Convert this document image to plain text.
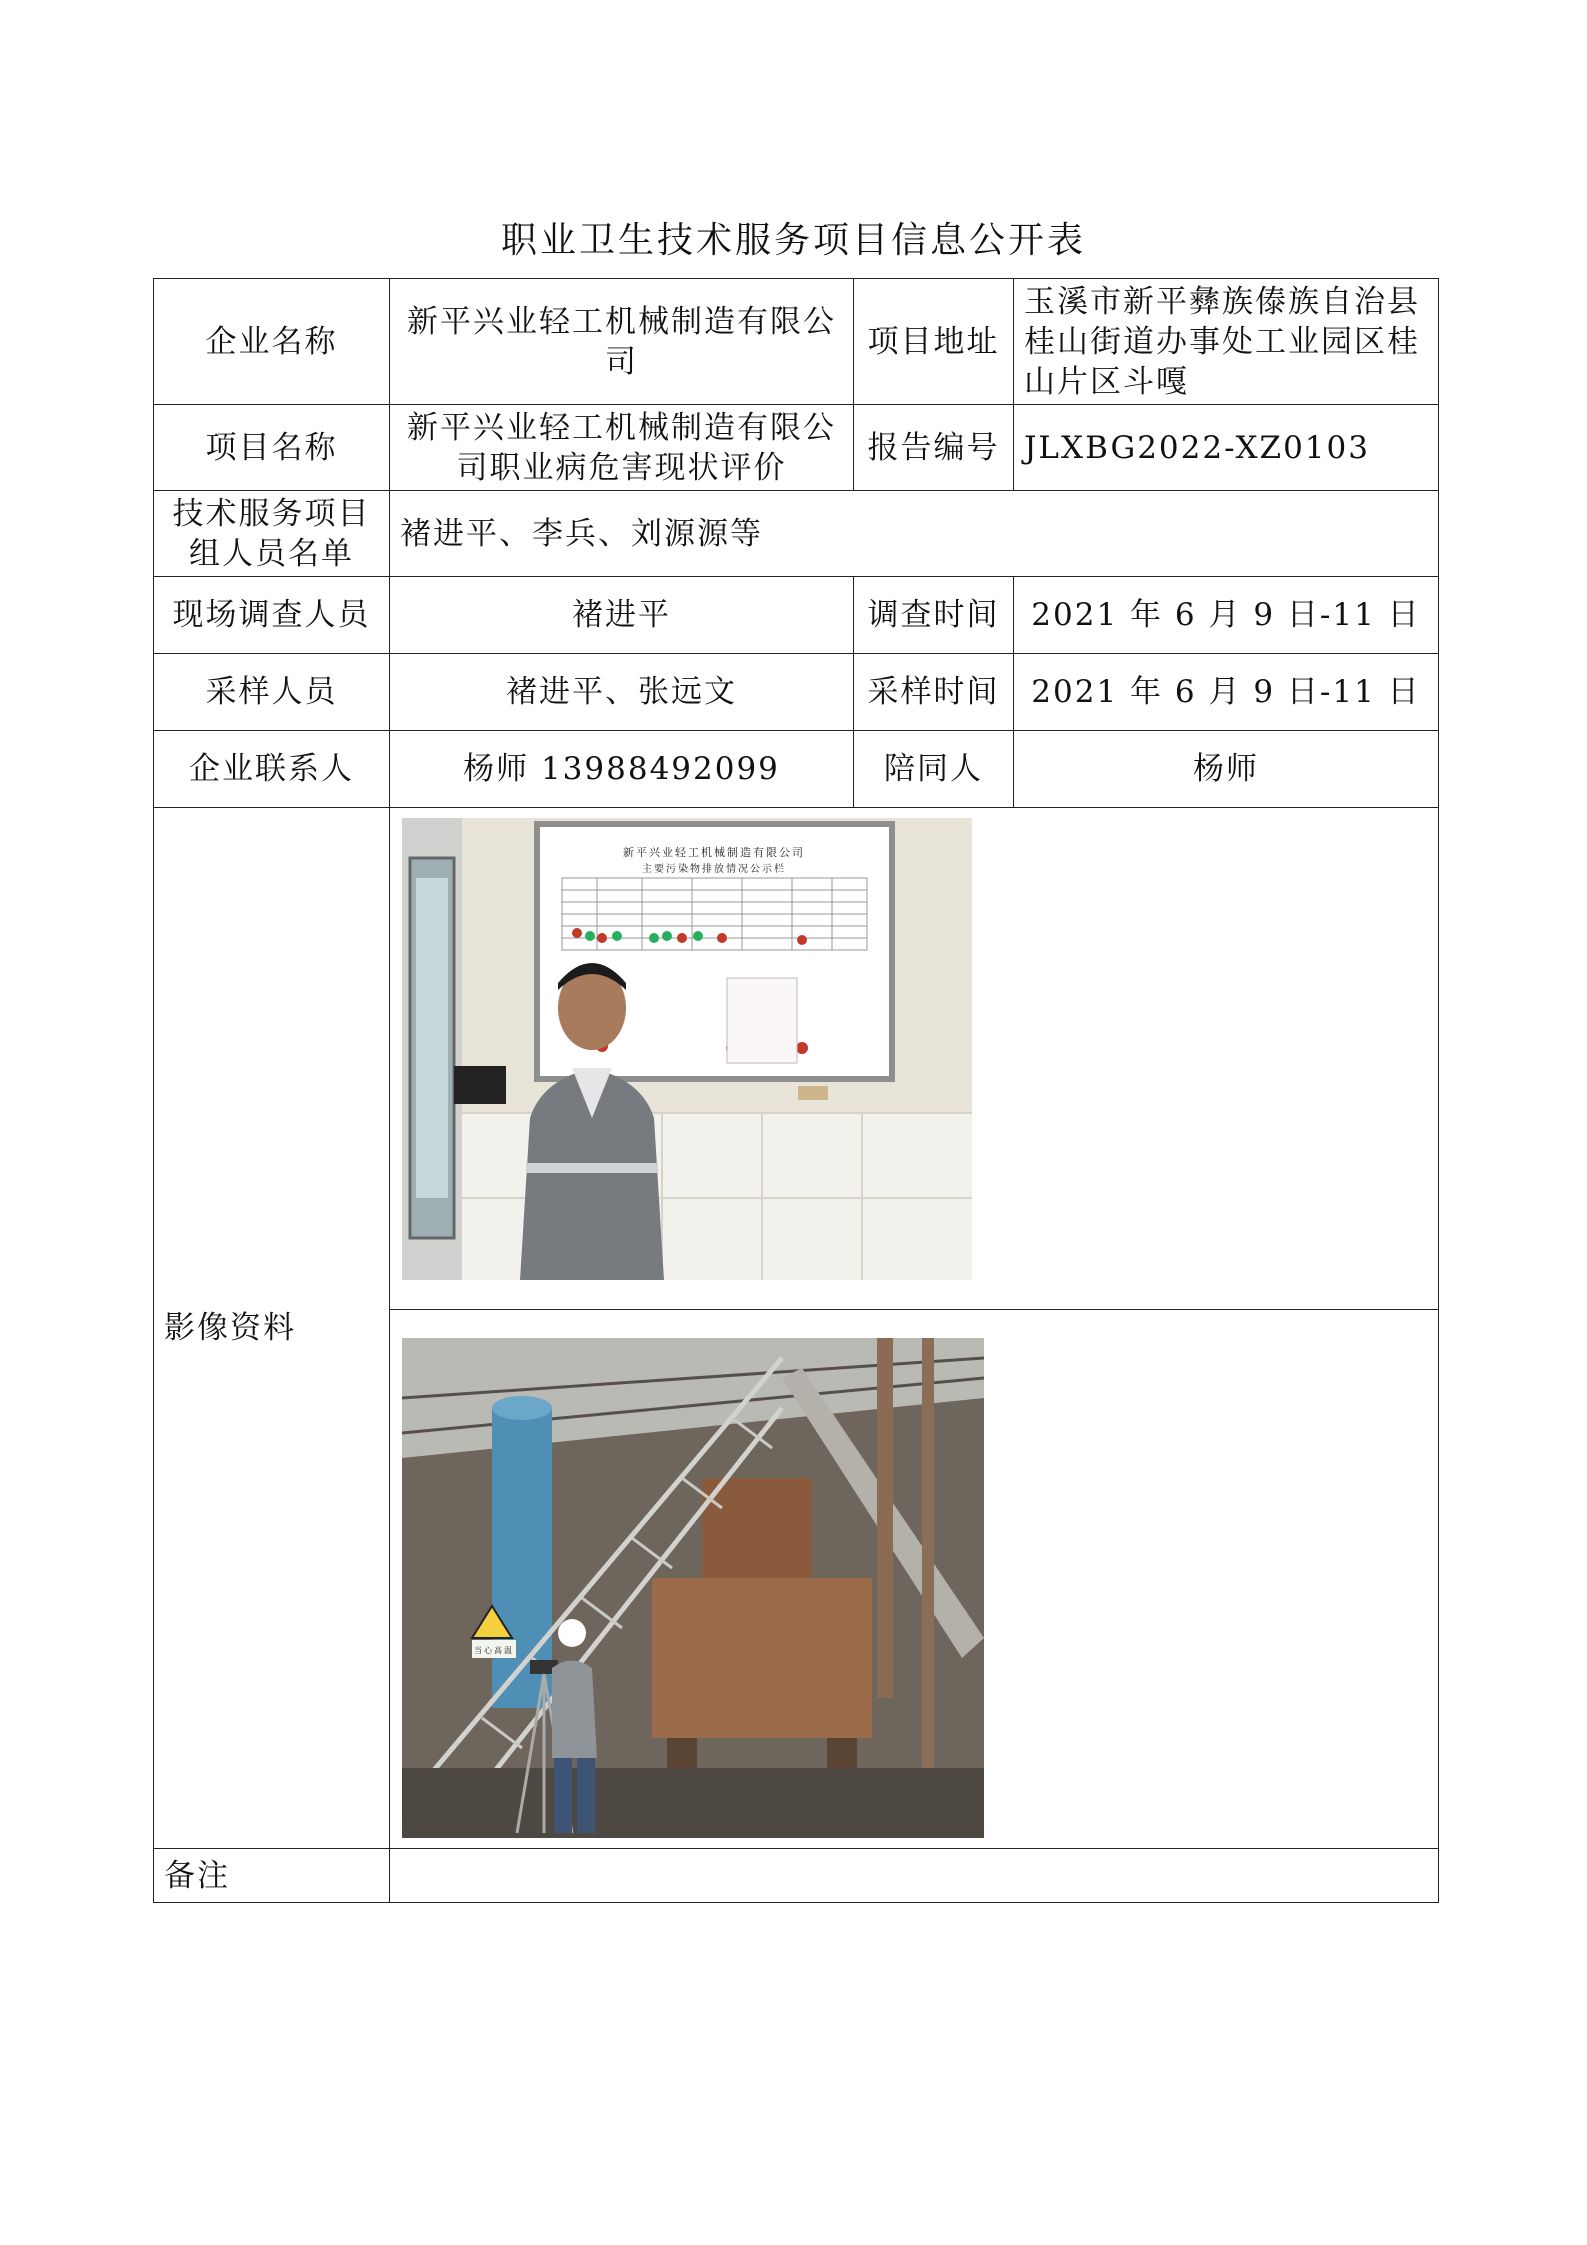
职业卫生技术服务项目信息公开表
企业名称	新平兴业轻工机械制造有限公司	项目地址	玉溪市新平彝族傣族自治县桂山街道办事处工业园区桂山片区斗嘎
项目名称	新平兴业轻工机械制造有限公司职业病危害现状评价	报告编号	JLXBG2022-XZ0103
技术服务项目组人员名单	褚进平、李兵、刘源源等		
现场调查人员	褚进平	调查时间	2021 年 6 月 9 日-11 日
采样人员	褚进平、张远文	采样时间	2021 年 6 月 9 日-11 日
企业联系人	杨师 13988492099	陪同人	杨师
影像资料	新平兴业轻工机械制造有限公司
主要污染物排放情况公示栏		

当心高温		

备注			
